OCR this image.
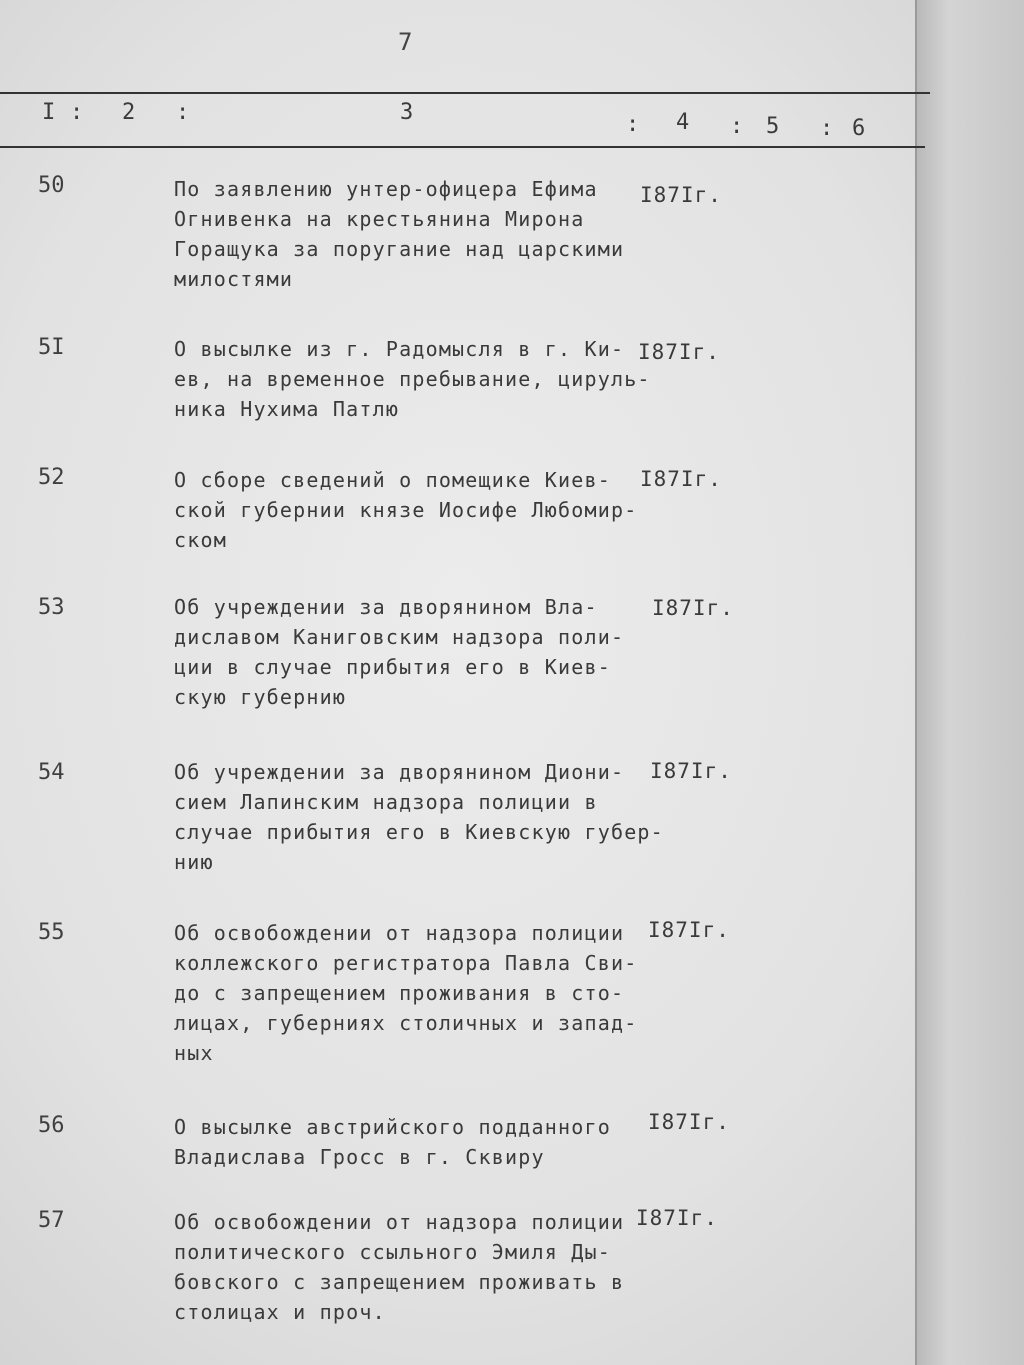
7
I : 2 :	3	: 4 : 5 : 6
50	По заявлению унтер-офицера Ефима
Огнивенка на крестьянина Мирона
Горащука за поругание над царскими
милостями
I87Iг.
5I	О высылке из г. Радомысля в г. Ки-
ев, на временное пребывание, цируль-
ника Нухима Патлю
I87Iг.
52	О сборе сведений о помещике Киев-
ской губернии князе Иосифе Любомир-
ском
I87Iг.
53	Об учреждении за дворянином Вла-
диславом Каниговским надзора поли-
ции в случае прибытия его в Киев-
скую губернию
I87Iг.
54	Об учреждении за дворянином Диони-
сием Лапинским надзора полиции в
случае прибытия его в Киевскую губер-
нию
I87Iг.
55	Об освобождении от надзора полиции
коллежского регистратора Павла Сви-
до с запрещением проживания в сто-
лицах, губерниях столичных и запад-
ных
I87Iг.
56	О высылке австрийского подданного
Владислава Гросс в г. Сквиру
I87Iг.
57	Об освобождении от надзора полиции
политического ссыльного Эмиля Ды-
бовского с запрещением проживать в
столицах и проч.
I87Iг.
